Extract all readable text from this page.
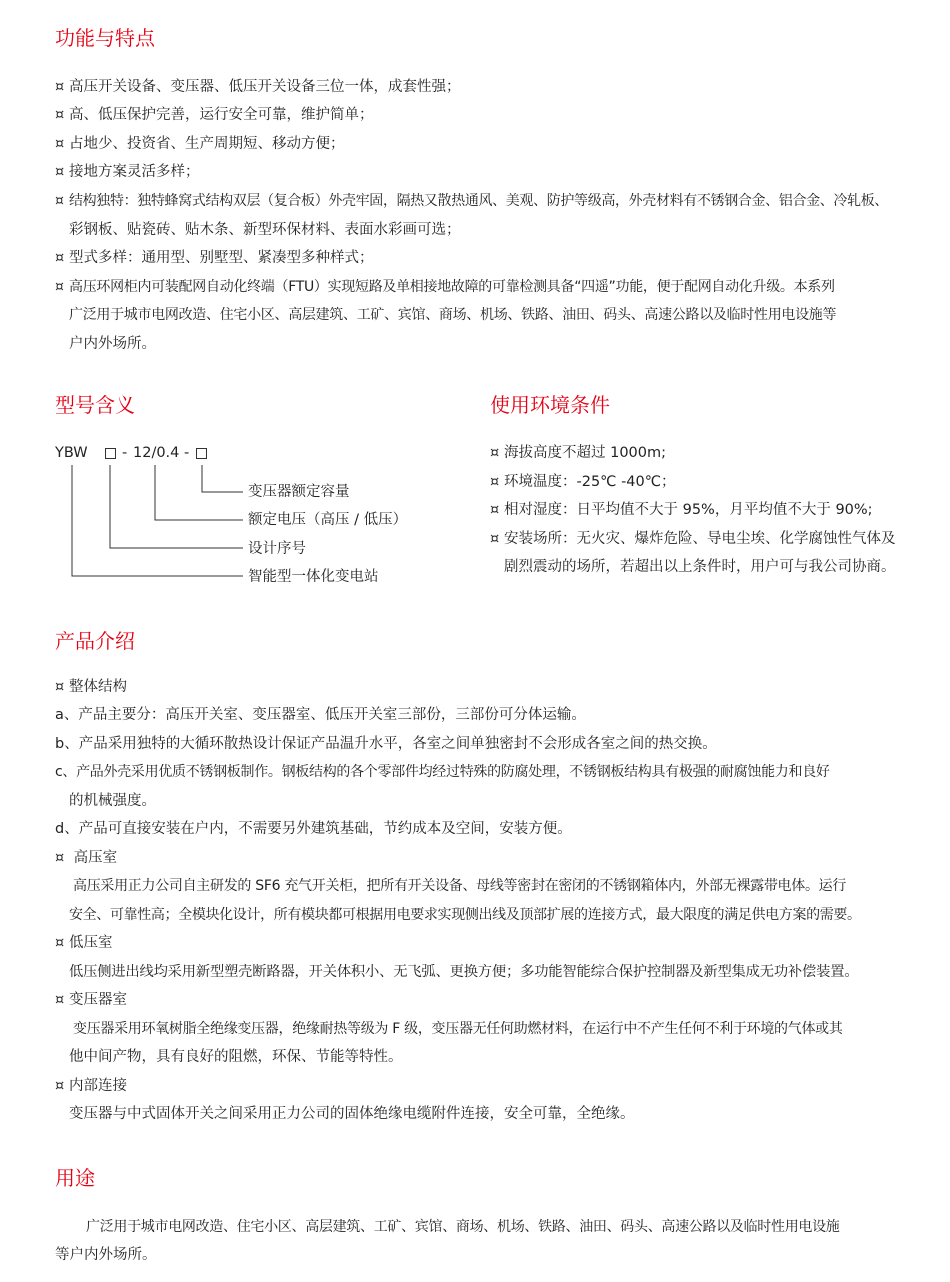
功能与特点

¤ 高压开关设备、变压器、低压开关设备三位一体，成套性强；

¤ 高、低压保护完善，运行安全可靠，维护简单；

¤ 占地少、投资省、生产周期短、移动方便；

¤ 接地方案灵活多样；

¤ 结构独特：独特蜂窝式结构双层（复合板）外壳牢固，隔热又散热通风、美观、防护等级高，外壳材料有不锈钢合金、铝合金、冷轧板、

彩钢板、贴瓷砖、贴木条、新型环保材料、表面水彩画可选；

¤ 型式多样：通用型、别墅型、紧凑型多种样式；

¤ 高压环网柜内可装配网自动化终端（FTU）实现短路及单相接地故障的可靠检测具备“四遥”功能，便于配网自动化升级。本系列

广泛用于城市电网改造、住宅小区、高层建筑、工矿、宾馆、商场、机场、铁路、油田、码头、高速公路以及临时性用电设施等

户内外场所。

型号含义
YBW - 12/0.4 -
变压器额定容量
额定电压（高压 / 低压）
设计序号
智能型一体化变电站
使用环境条件

¤ 海拔高度不超过 1000m;

¤ 环境温度：-25℃ -40℃；

¤ 相对湿度：日平均值不大于 95%，月平均值不大于 90%;

¤ 安装场所：无火灾、爆炸危险、导电尘埃、化学腐蚀性气体及

剧烈震动的场所，若超出以上条件时，用户可与我公司协商。

产品介绍

¤ 整体结构

a、产品主要分：高压开关室、变压器室、低压开关室三部份，三部份可分体运输。

b、产品采用独特的大循环散热设计保证产品温升水平，各室之间单独密封不会形成各室之间的热交换。

c、产品外壳采用优质不锈钢板制作。钢板结构的各个零部件均经过特殊的防腐处理，不锈钢板结构具有极强的耐腐蚀能力和良好

的机械强度。

d、产品可直接安装在户内，不需要另外建筑基础，节约成本及空间，安装方便。

¤ 高压室

高压采用正力公司自主研发的 SF6 充气开关柜，把所有开关设备、母线等密封在密闭的不锈钢箱体内，外部无裸露带电体。运行

安全、可靠性高；全模块化设计，所有模块都可根据用电要求实现侧出线及顶部扩展的连接方式，最大限度的满足供电方案的需要。

¤ 低压室

低压侧进出线均采用新型塑壳断路器，开关体积小、无飞弧、更换方便；多功能智能综合保护控制器及新型集成无功补偿装置。

¤ 变压器室

变压器采用环氧树脂全绝缘变压器，绝缘耐热等级为 F 级，变压器无任何助燃材料，在运行中不产生任何不利于环境的气体或其

他中间产物，具有良好的阻燃，环保、节能等特性。

¤ 内部连接

变压器与中式固体开关之间采用正力公司的固体绝缘电缆附件连接，安全可靠，全绝缘。

用途

广泛用于城市电网改造、住宅小区、高层建筑、工矿、宾馆、商场、机场、铁路、油田、码头、高速公路以及临时性用电设施

等户内外场所。
